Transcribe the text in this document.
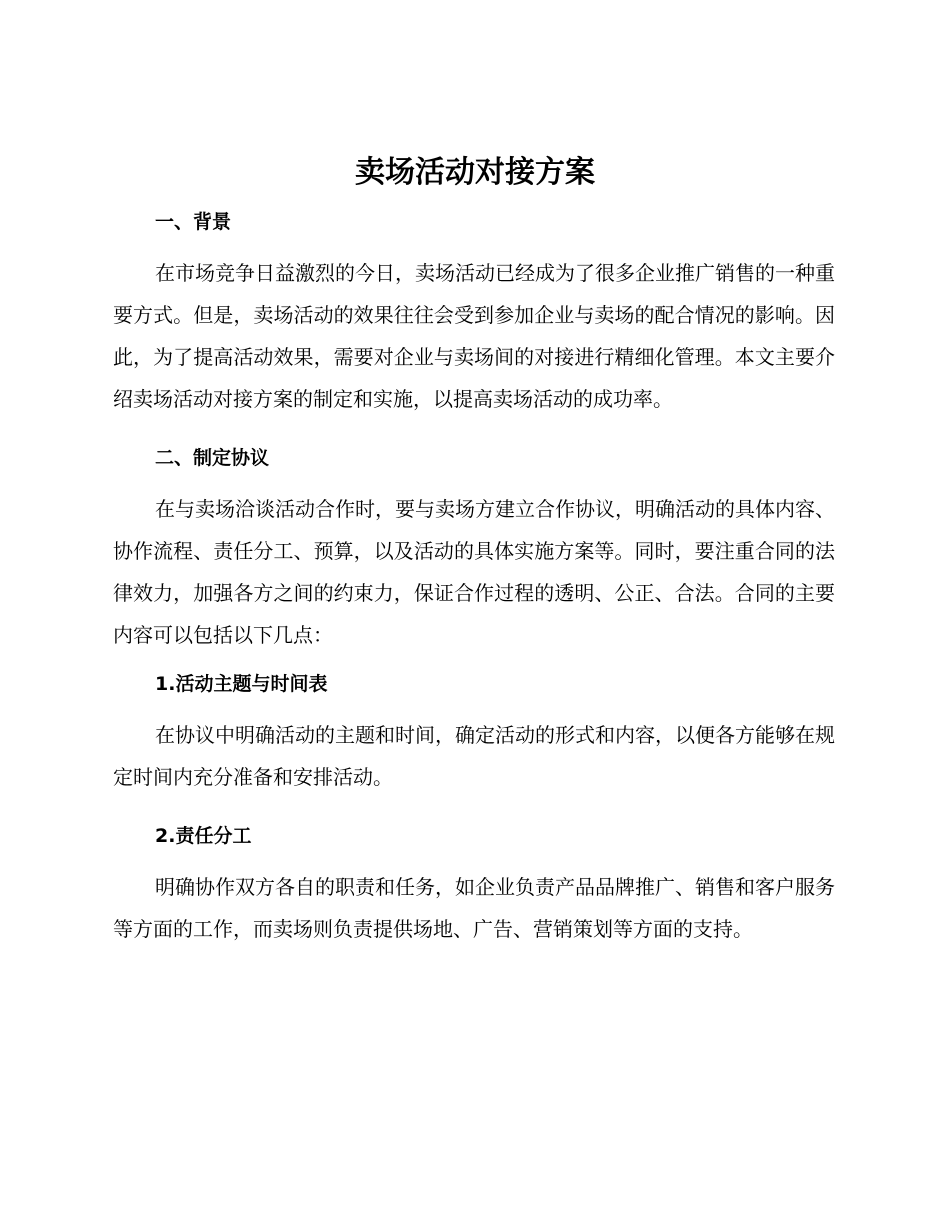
卖场活动对接方案
一、背景

在市场竞争日益激烈的今日，卖场活动已经成为了很多企业推广销售的一种重要方式。但是，卖场活动的效果往往会受到参加企业与卖场的配合情况的影响。因此，为了提高活动效果，需要对企业与卖场间的对接进行精细化管理。本文主要介绍卖场活动对接方案的制定和实施，以提高卖场活动的成功率。

二、制定协议

在与卖场洽谈活动合作时，要与卖场方建立合作协议，明确活动的具体内容、协作流程、责任分工、预算，以及活动的具体实施方案等。同时，要注重合同的法律效力，加强各方之间的约束力，保证合作过程的透明、公正、合法。合同的主要内容可以包括以下几点：

1.活动主题与时间表

在协议中明确活动的主题和时间，确定活动的形式和内容，以便各方能够在规定时间内充分准备和安排活动。

2.责任分工

明确协作双方各自的职责和任务，如企业负责产品品牌推广、销售和客户服务等方面的工作，而卖场则负责提供场地、广告、营销策划等方面的支持。
